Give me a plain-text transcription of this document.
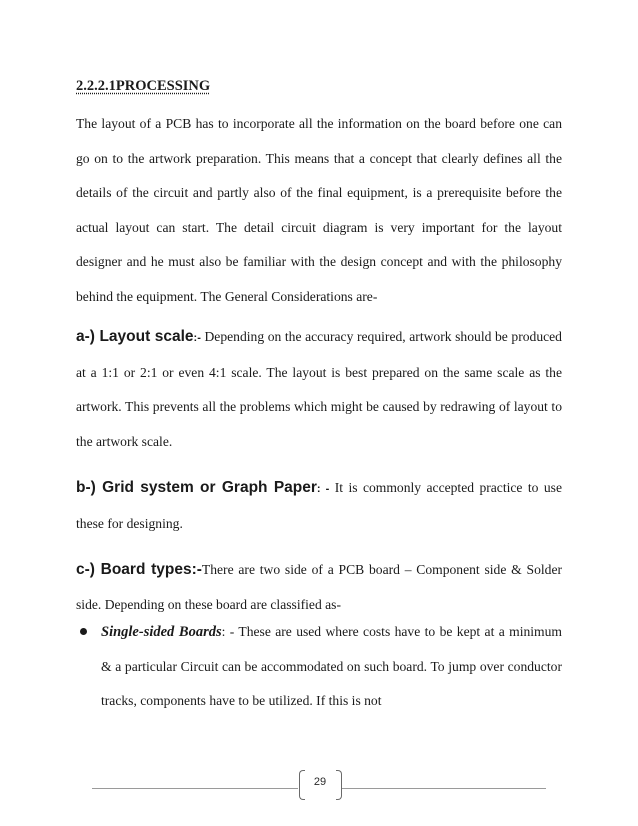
2.2.2.1PROCESSING
The layout of a PCB has to incorporate all the information on the board before one can go on to the artwork preparation. This means that a concept that clearly defines all the details of the circuit and partly also of the final equipment, is a prerequisite before the actual layout can start. The detail circuit diagram is very important for the layout designer and he must also be familiar with the design concept and with the philosophy behind the equipment. The General Considerations are-
a-) Layout scale:- Depending on the accuracy required, artwork should be produced at a 1:1 or 2:1 or even 4:1 scale. The layout is best prepared on the same scale as the artwork. This prevents all the problems which might be caused by redrawing of layout to the artwork scale.
b-) Grid system or Graph Paper: - It is commonly accepted practice to use these for designing.
c-) Board types:-There are two side of a PCB board – Component side & Solder side. Depending on these board are classified as-
Single-sided Boards: - These are used where costs have to be kept at a minimum & a particular Circuit can be accommodated on such board. To jump over conductor tracks, components have to be utilized. If this is not
29
